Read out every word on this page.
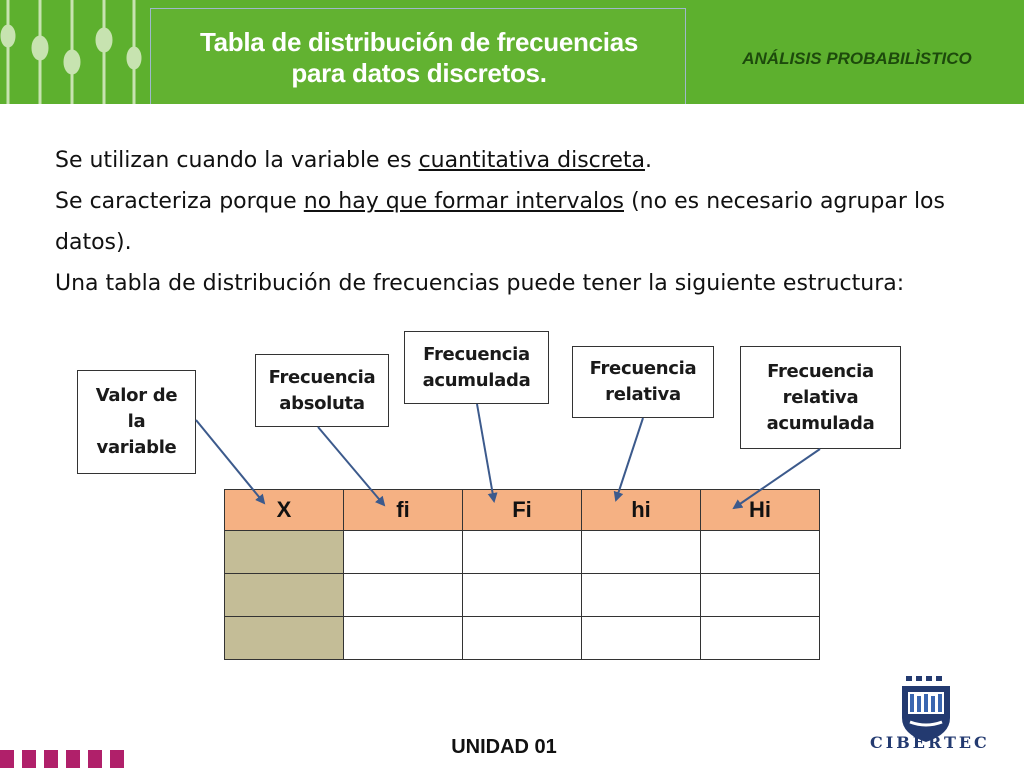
Tabla de distribución de frecuencias
para datos discretos.	ANÁLISIS PROBABILÌSTICO

Se utilizan cuando la variable es cuantitativa discreta.

Se caracteriza porque no hay que formar intervalos (no es necesario agrupar los datos).

Una tabla de distribución de frecuencias puede tener la siguiente estructura:

Valor de
la
variable
Frecuencia
absoluta
Frecuencia
acumulada
Frecuencia
relativa
Frecuencia
relativa
acumulada
X	fi	Fi	hi	Hi

UNIDAD 01	CIBERTEC
